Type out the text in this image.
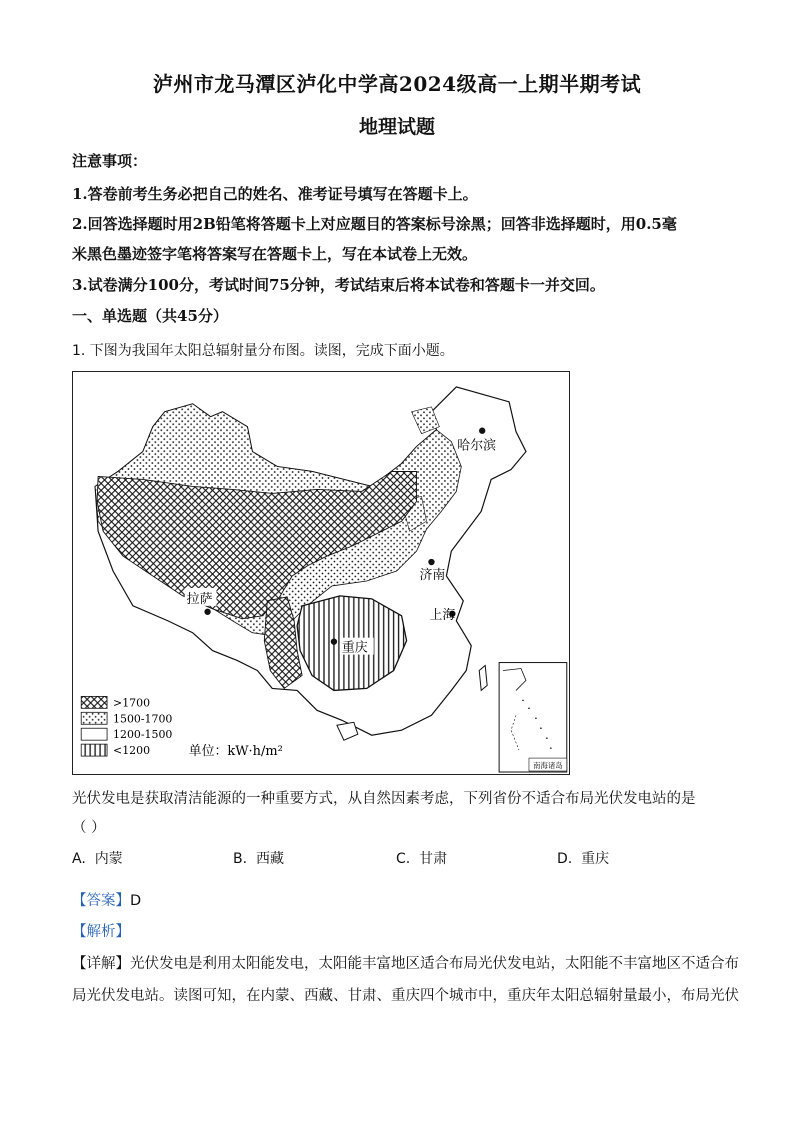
泸州市龙马潭区泸化中学高2024级高一上期半期考试
地理试题
注意事项：
1.答卷前考生务必把自己的姓名、准考证号填写在答题卡上。
2.回答选择题时用2B铅笔将答题卡上对应题目的答案标号涂黑；回答非选择题时，用0.5毫
米黑色墨迹签字笔将答案写在答题卡上，写在本试卷上无效。
3.试卷满分100分，考试时间75分钟，考试结束后将本试卷和答题卡一并交回。
一、单选题（共45分）
1. 下图为我国年太阳总辐射量分布图。读图，完成下面小题。
南海诸岛
哈尔滨
济南
上海
拉萨
重庆
>1700
1500-1700
1200-1500
<1200	单位：kW·h/m²
光伏发电是获取清洁能源的一种重要方式，从自然因素考虑，下列省份不适合布局光伏发电站的是
（ ）
A. 内蒙	B. 西藏	C. 甘肃	D. 重庆
【答案】D
【解析】
【详解】光伏发电是利用太阳能发电，太阳能丰富地区适合布局光伏发电站，太阳能不丰富地区不适合布
局光伏发电站。读图可知，在内蒙、西藏、甘肃、重庆四个城市中，重庆年太阳总辐射量最小，布局光伏
